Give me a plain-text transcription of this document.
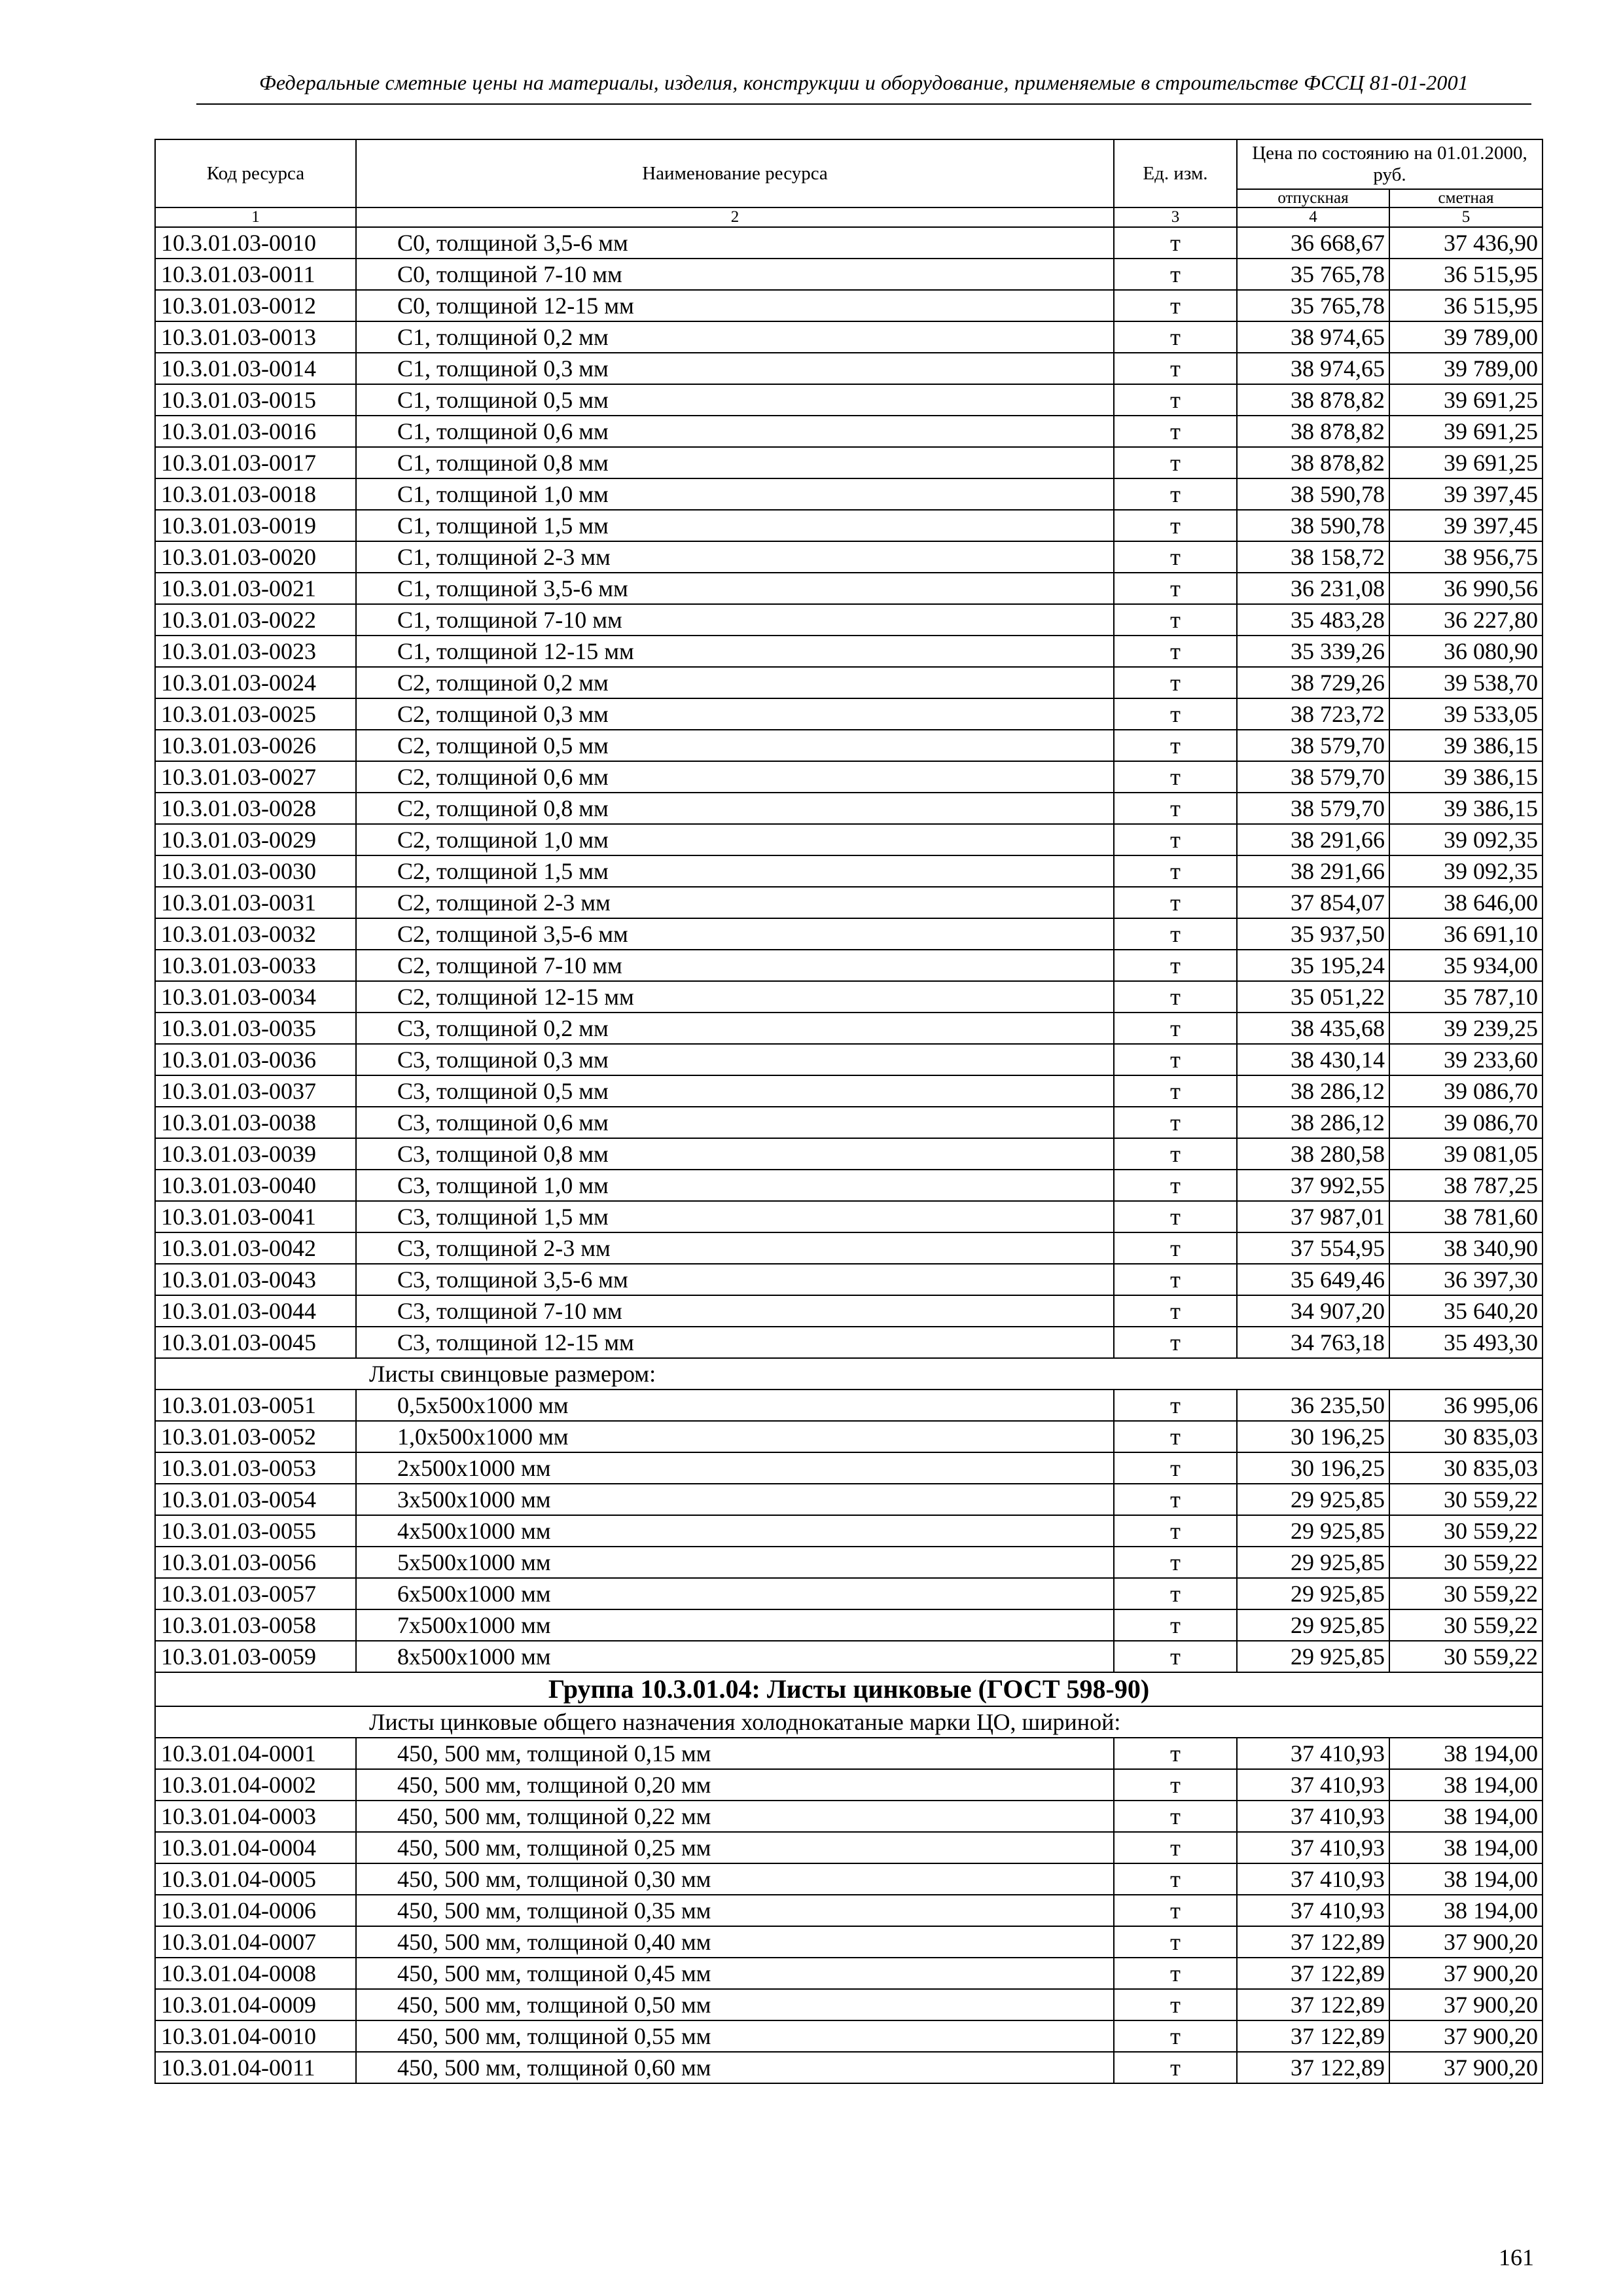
Федеральные сметные цены на материалы, изделия, конструкции и оборудование, применяемые в строительстве ФССЦ 81-01-2001
Код ресурса	Наименование ресурса	Ед. изм.	Цена по состоянию на 01.01.2000, руб.	
			отпускная	сметная
1	2	3	4	5
10.3.01.03-0010	С0, толщиной 3,5-6 мм	т	36 668,67	37 436,90
10.3.01.03-0011	С0, толщиной 7-10 мм	т	35 765,78	36 515,95
10.3.01.03-0012	С0, толщиной 12-15 мм	т	35 765,78	36 515,95
10.3.01.03-0013	С1, толщиной 0,2 мм	т	38 974,65	39 789,00
10.3.01.03-0014	С1, толщиной 0,3 мм	т	38 974,65	39 789,00
10.3.01.03-0015	С1, толщиной 0,5 мм	т	38 878,82	39 691,25
10.3.01.03-0016	С1, толщиной 0,6 мм	т	38 878,82	39 691,25
10.3.01.03-0017	С1, толщиной 0,8 мм	т	38 878,82	39 691,25
10.3.01.03-0018	С1, толщиной 1,0 мм	т	38 590,78	39 397,45
10.3.01.03-0019	С1, толщиной 1,5 мм	т	38 590,78	39 397,45
10.3.01.03-0020	С1, толщиной 2-3 мм	т	38 158,72	38 956,75
10.3.01.03-0021	С1, толщиной 3,5-6 мм	т	36 231,08	36 990,56
10.3.01.03-0022	С1, толщиной 7-10 мм	т	35 483,28	36 227,80
10.3.01.03-0023	С1, толщиной 12-15 мм	т	35 339,26	36 080,90
10.3.01.03-0024	С2, толщиной 0,2 мм	т	38 729,26	39 538,70
10.3.01.03-0025	С2, толщиной 0,3 мм	т	38 723,72	39 533,05
10.3.01.03-0026	С2, толщиной 0,5 мм	т	38 579,70	39 386,15
10.3.01.03-0027	С2, толщиной 0,6 мм	т	38 579,70	39 386,15
10.3.01.03-0028	С2, толщиной 0,8 мм	т	38 579,70	39 386,15
10.3.01.03-0029	С2, толщиной 1,0 мм	т	38 291,66	39 092,35
10.3.01.03-0030	С2, толщиной 1,5 мм	т	38 291,66	39 092,35
10.3.01.03-0031	С2, толщиной 2-3 мм	т	37 854,07	38 646,00
10.3.01.03-0032	С2, толщиной 3,5-6 мм	т	35 937,50	36 691,10
10.3.01.03-0033	С2, толщиной 7-10 мм	т	35 195,24	35 934,00
10.3.01.03-0034	С2, толщиной 12-15 мм	т	35 051,22	35 787,10
10.3.01.03-0035	С3, толщиной 0,2 мм	т	38 435,68	39 239,25
10.3.01.03-0036	С3, толщиной 0,3 мм	т	38 430,14	39 233,60
10.3.01.03-0037	С3, толщиной 0,5 мм	т	38 286,12	39 086,70
10.3.01.03-0038	С3, толщиной 0,6 мм	т	38 286,12	39 086,70
10.3.01.03-0039	С3, толщиной 0,8 мм	т	38 280,58	39 081,05
10.3.01.03-0040	С3, толщиной 1,0 мм	т	37 992,55	38 787,25
10.3.01.03-0041	С3, толщиной 1,5 мм	т	37 987,01	38 781,60
10.3.01.03-0042	С3, толщиной 2-3 мм	т	37 554,95	38 340,90
10.3.01.03-0043	С3, толщиной 3,5-6 мм	т	35 649,46	36 397,30
10.3.01.03-0044	С3, толщиной 7-10 мм	т	34 907,20	35 640,20
10.3.01.03-0045	С3, толщиной 12-15 мм	т	34 763,18	35 493,30
Листы свинцовые размером:				
10.3.01.03-0051	0,5x500x1000 мм	т	36 235,50	36 995,06
10.3.01.03-0052	1,0x500x1000 мм	т	30 196,25	30 835,03
10.3.01.03-0053	2x500x1000 мм	т	30 196,25	30 835,03
10.3.01.03-0054	3x500x1000 мм	т	29 925,85	30 559,22
10.3.01.03-0055	4x500x1000 мм	т	29 925,85	30 559,22
10.3.01.03-0056	5x500x1000 мм	т	29 925,85	30 559,22
10.3.01.03-0057	6x500x1000 мм	т	29 925,85	30 559,22
10.3.01.03-0058	7x500x1000 мм	т	29 925,85	30 559,22
10.3.01.03-0059	8x500x1000 мм	т	29 925,85	30 559,22
Группа 10.3.01.04: Листы цинковые (ГОСТ 598-90)				
Листы цинковые общего назначения холоднокатаные марки ЦО, шириной:				
10.3.01.04-0001	450, 500 мм, толщиной 0,15 мм	т	37 410,93	38 194,00
10.3.01.04-0002	450, 500 мм, толщиной 0,20 мм	т	37 410,93	38 194,00
10.3.01.04-0003	450, 500 мм, толщиной 0,22 мм	т	37 410,93	38 194,00
10.3.01.04-0004	450, 500 мм, толщиной 0,25 мм	т	37 410,93	38 194,00
10.3.01.04-0005	450, 500 мм, толщиной 0,30 мм	т	37 410,93	38 194,00
10.3.01.04-0006	450, 500 мм, толщиной 0,35 мм	т	37 410,93	38 194,00
10.3.01.04-0007	450, 500 мм, толщиной 0,40 мм	т	37 122,89	37 900,20
10.3.01.04-0008	450, 500 мм, толщиной 0,45 мм	т	37 122,89	37 900,20
10.3.01.04-0009	450, 500 мм, толщиной 0,50 мм	т	37 122,89	37 900,20
10.3.01.04-0010	450, 500 мм, толщиной 0,55 мм	т	37 122,89	37 900,20
10.3.01.04-0011	450, 500 мм, толщиной 0,60 мм	т	37 122,89	37 900,20
161
